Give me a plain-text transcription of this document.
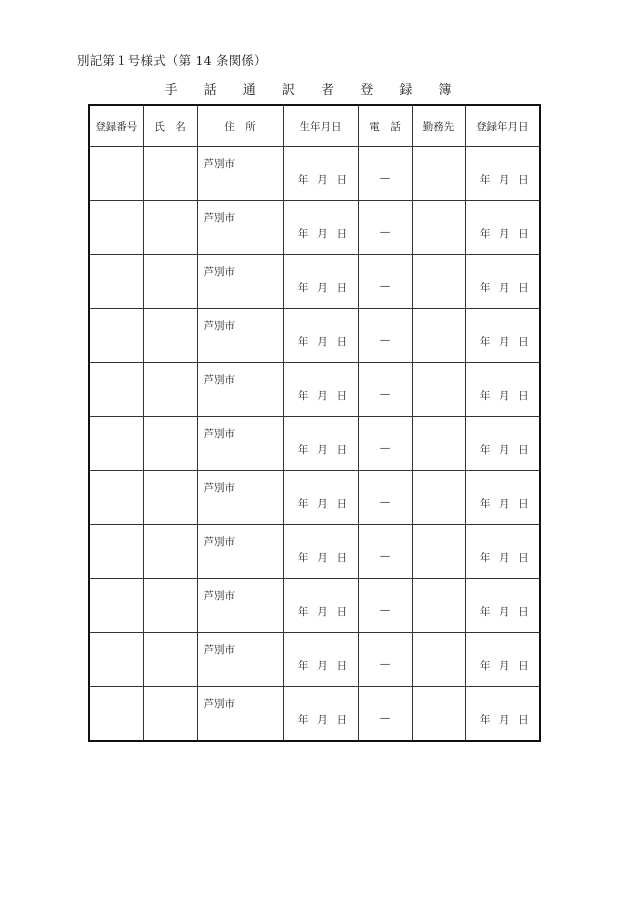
別記第１号様式（第 14 条関係）
手 話 通 訳 者 登 録 簿
登録番号	氏　名	住　所	生年月日	電　話	勤務先	登録年月日

		芦別市	年 月 日	—		年 月 日

		芦別市	年 月 日	—		年 月 日

		芦別市	年 月 日	—		年 月 日

		芦別市	年 月 日	—		年 月 日

		芦別市	年 月 日	—		年 月 日

		芦別市	年 月 日	—		年 月 日

		芦別市	年 月 日	—		年 月 日

		芦別市	年 月 日	—		年 月 日

		芦別市	年 月 日	—		年 月 日

		芦別市	年 月 日	—		年 月 日

		芦別市	年 月 日	—		年 月 日
